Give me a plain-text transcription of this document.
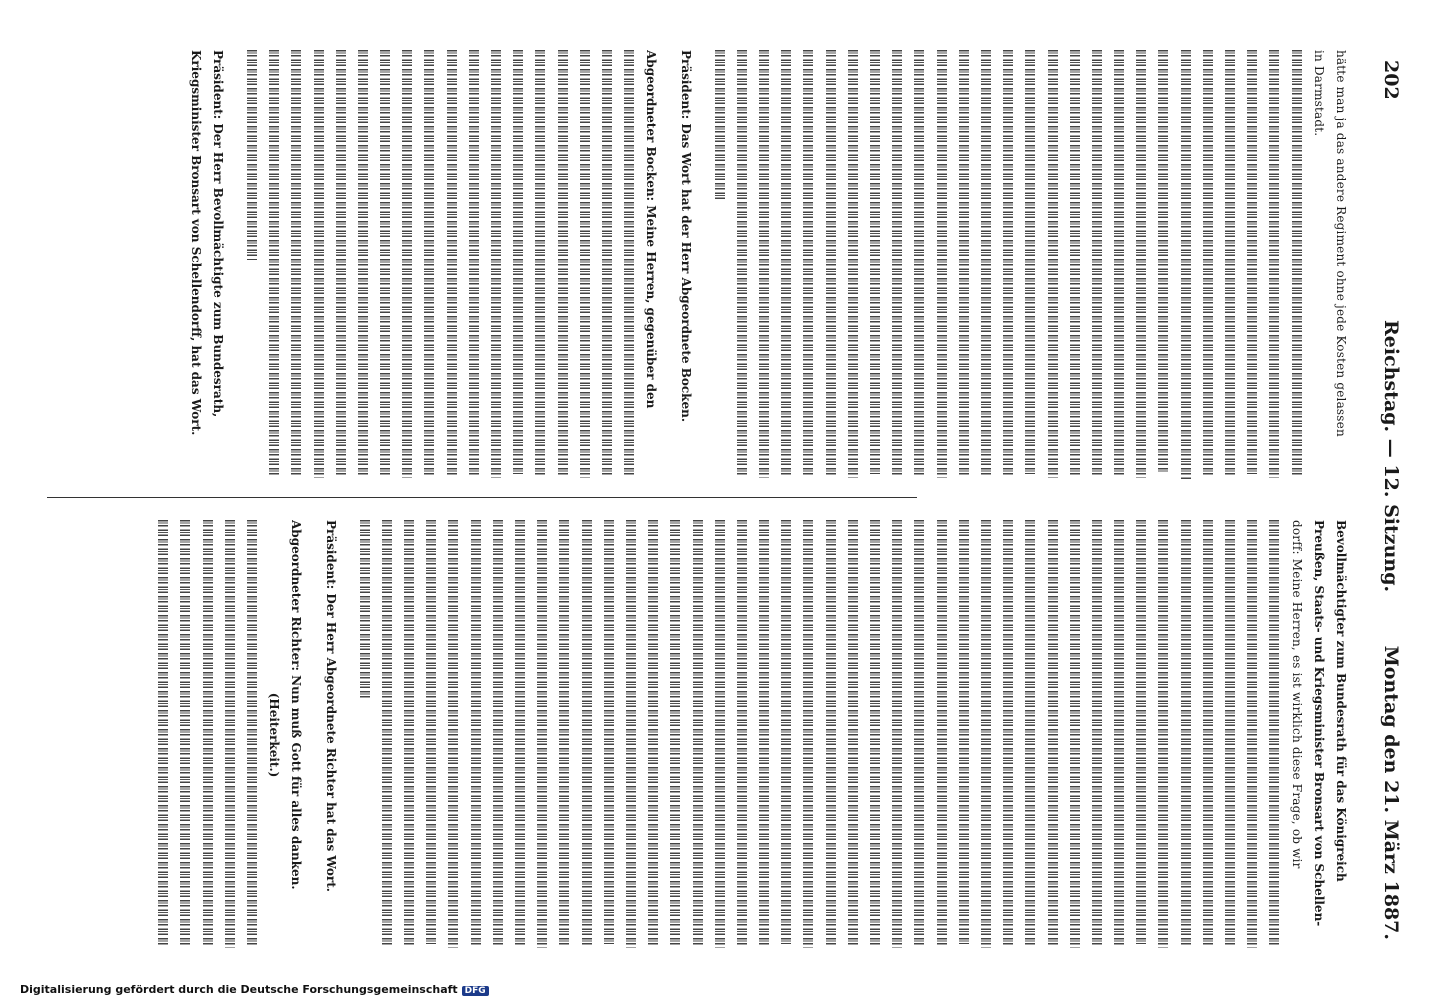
202
Reichstag. — 12. Sitzung.
Montag den 21. März 1887.
hätte man ja das andere Regiment ohne jede Kosten gelassen
in Darmstadt.
Präsident: Das Wort hat der Herr Abgeordnete Bocken.
Abgeordneter Bocken: Meine Herren, gegenüber den
Präsident: Der Herr Bevollmächtigte zum Bundesrath,
Kriegsminister Bronsart von Schellendorff, hat das Wort.
Bevollmächtigter zum Bundesrath für das Königreich
Preußen, Staats- und Kriegsminister Bronsart von Schellen-
dorff: Meine Herren, es ist wirklich diese Frage, ob wir
Präsident: Der Herr Abgeordnete Richter hat das Wort.
Abgeordneter Richter: Nun muß Gott für alles danken.
(Heiterkeit.)
Digitalisierung gefördert durch die Deutsche Forschungsgemeinschaft DFG
